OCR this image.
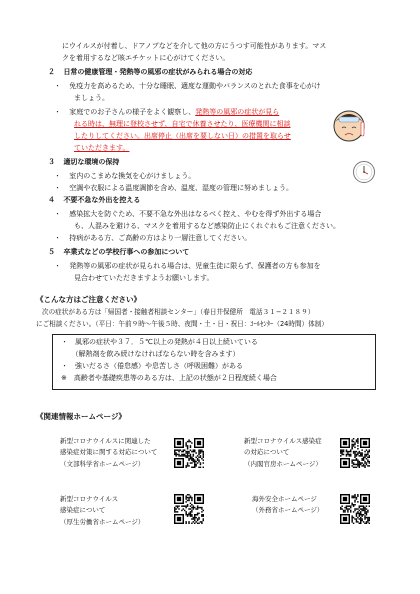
にウイルスが付着し、ドアノブなどを介して他の方にうつす可能性があります。マス
クを着用するなど咳エチケットに心がけてください。
２ 日常の健康管理・発熱等の風邪の症状がみられる場合の対応
・ 免疫力を高めるため、十分な睡眠、適度な運動やバランスのとれた食事を心がけ
ましょう。
・ 家庭でのお子さんの様子をよく観察し、発熱等の風邪の症状が見ら
れる時は、無理に登校させず、自宅で休養させたり、医療機関に相談
したりしてください。出席停止（出席を要しない日）の措置を取らせ
ていただきます。
３ 適切な環境の保持
・ 室内のこまめな換気を心がけましょう。
・ 空調や衣服による温度調節を含め、温度、湿度の管理に努めましょう。
４ 不要不急な外出を控える
・ 感染拡大を防ぐため、不要不急な外出はなるべく控え、やむを得ず外出する場合
も、人混みを避ける、マスクを着用するなど感染防止にくれぐれもご注意ください。
・ 持病がある方、ご高齢の方はより一層注意してください。
５ 卒業式などの学校行事への参加について
・ 発熱等の風邪の症状が見られる場合は、児童生徒に限らず、保護者の方も参加を
見合わせていただきますようお願いします。
《こんな方はご注意ください》
次の症状がある方は「帰国者・接触者相談センター」（春日井保健所　電話３１−２１８９）
にご相談ください。（平日：午前９時〜午後５時、夜間・土・日・祝日：ｺｰﾙｾﾝﾀｰ（24時間）体制）
・　風邪の症状や３７．５℃以上の発熱が４日以上続いている
　　（解熱剤を飲み続けなければならない時を含みます）
・　強いだるさ（倦怠感）や息苦しさ（呼吸困難）がある
※　高齢者や基礎疾患等のある方は、上記の状態が２日程度続く場合
《関連情報ホームページ》
新型コロナウイルスに関連した
感染症対策に関する対応について
（文部科学省ホームページ）
新型コロナウイルス感染症
の対応について
（内閣官房ホームページ）
新型コロナウイルス
感染症について
（厚生労働省ホームページ）
海外安全ホームページ
（外務省ホームページ）
